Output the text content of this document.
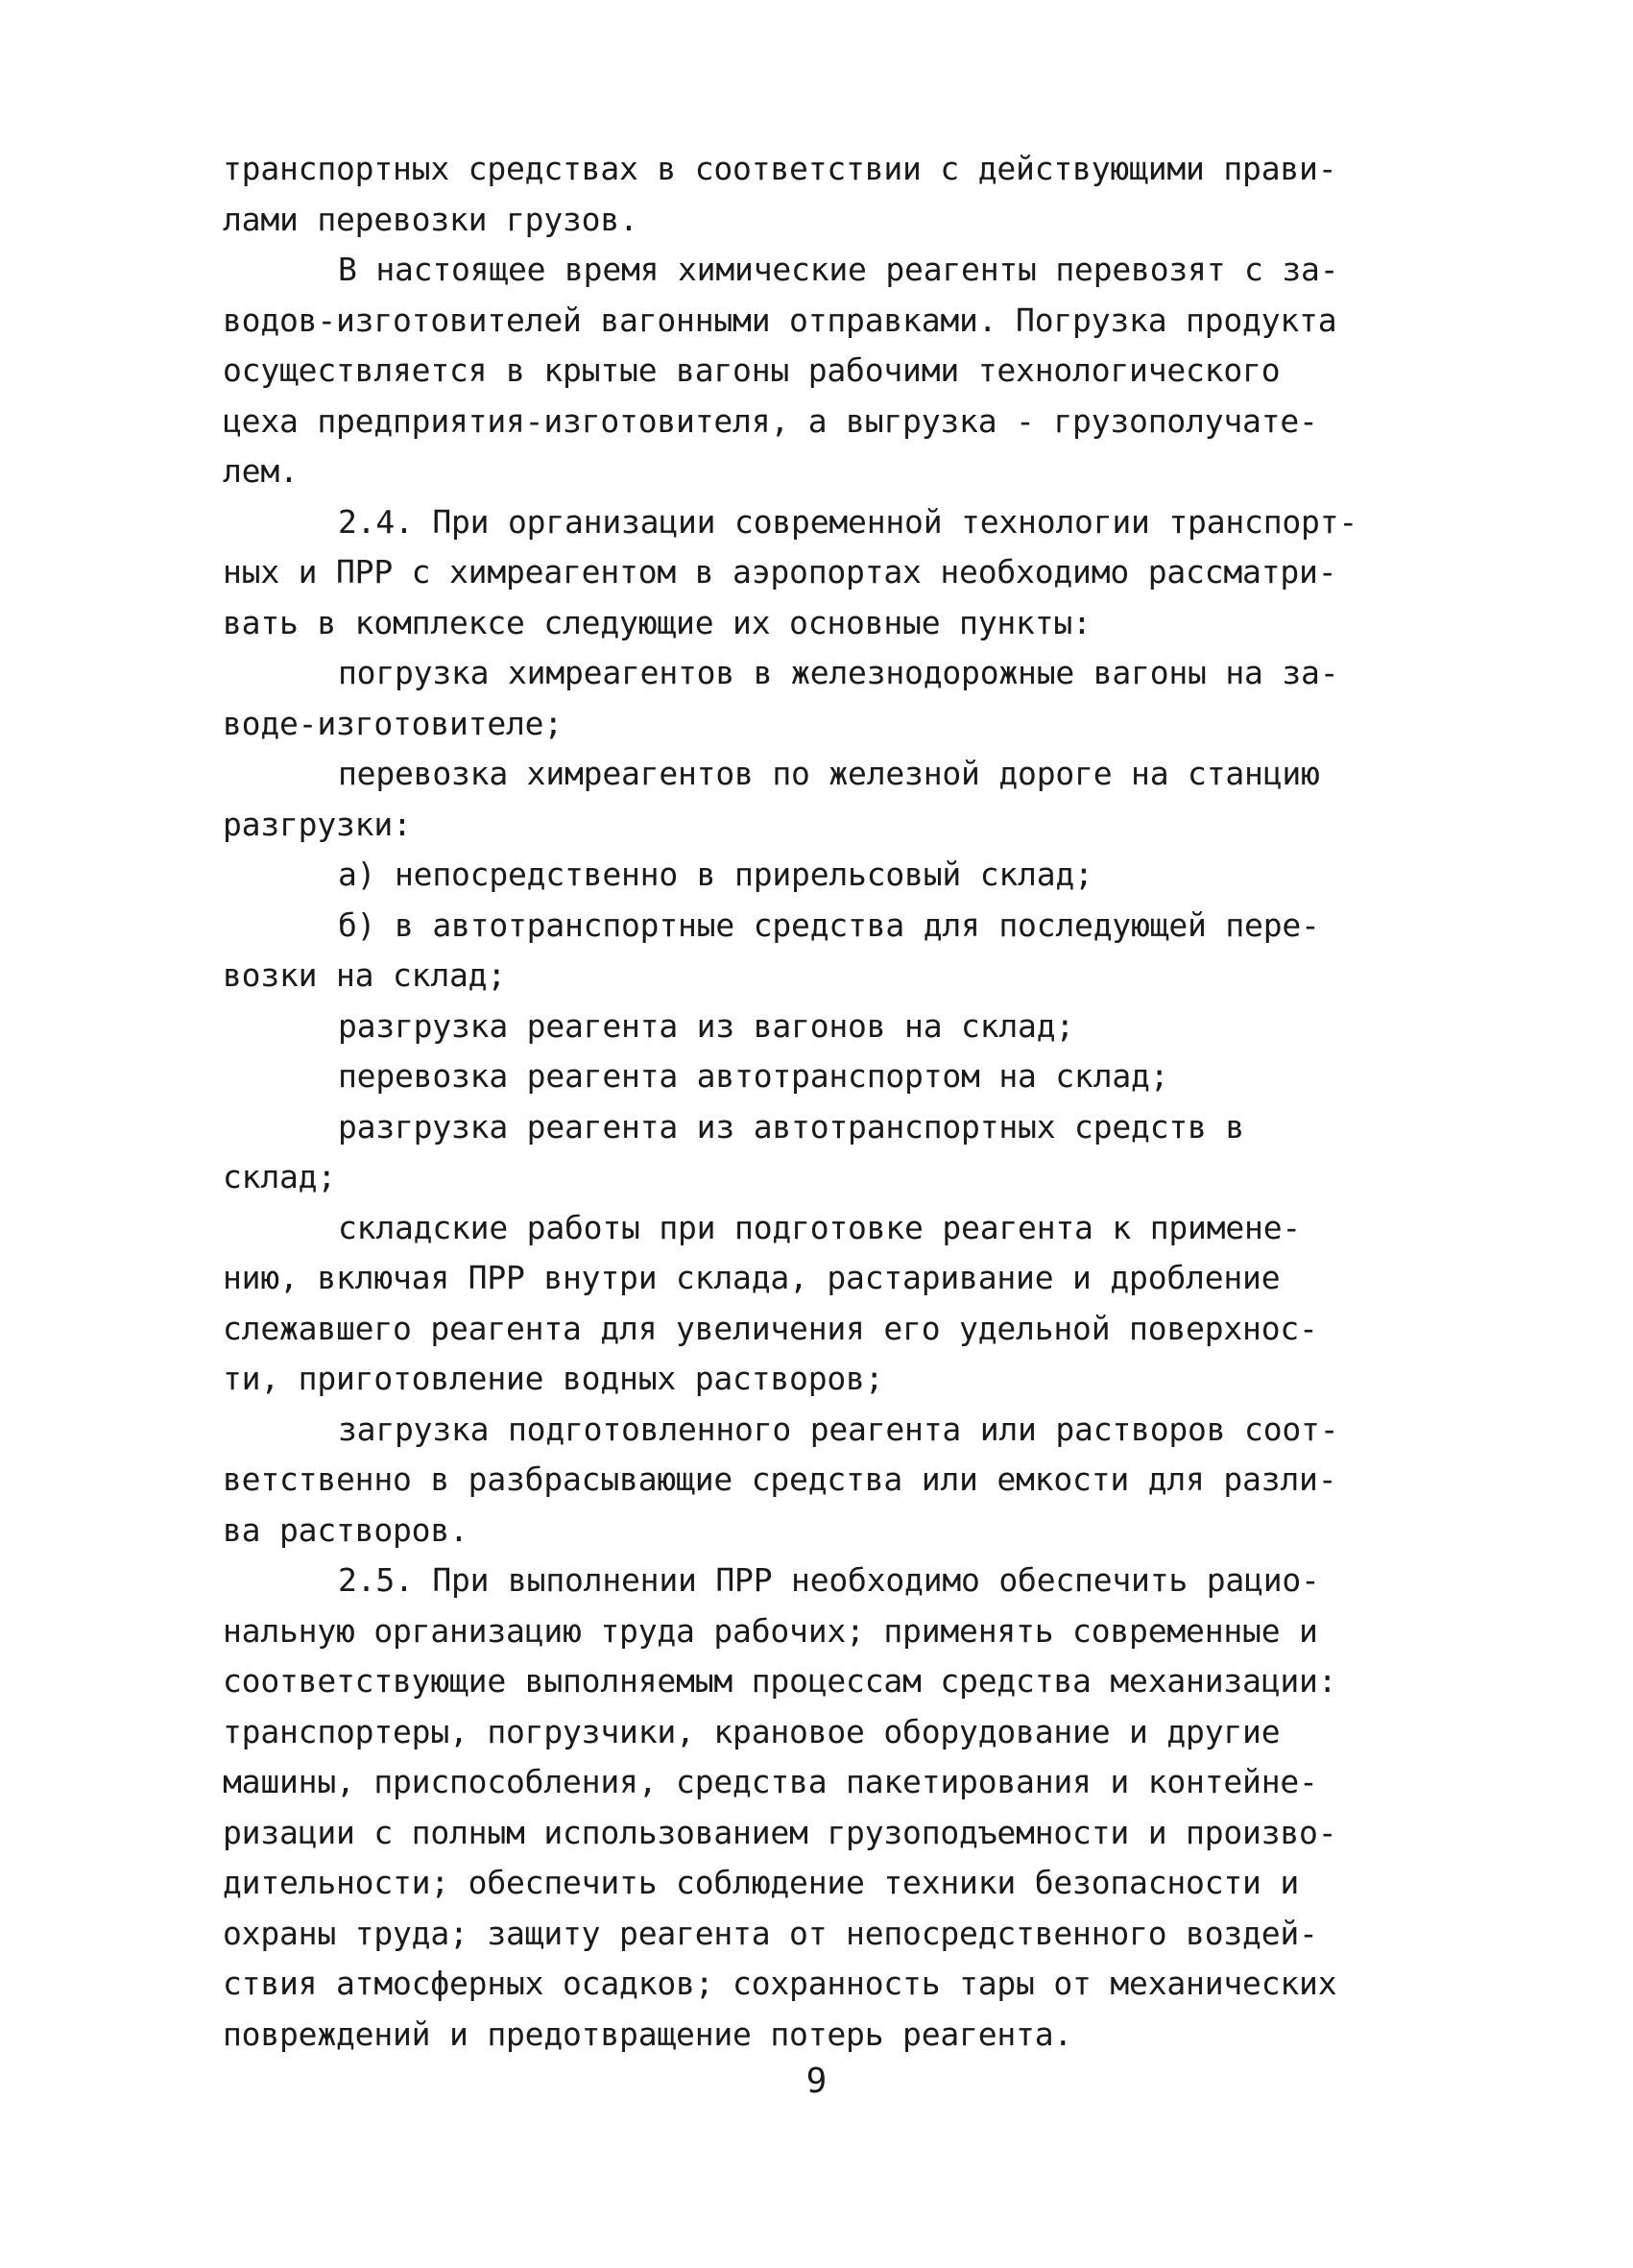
транспортных средствах в соответствии с действующими прави-
лами перевозки грузов.
В настоящее время химические реагенты перевозят с за-
водов-изготовителей вагонными отправками. Погрузка продукта
осуществляется в крытые вагоны рабочими технологического
цеха предприятия-изготовителя, а выгрузка - грузополучате-
лем.
2.4. При организации современной технологии транспорт-
ных и ПРР с химреагентом в аэропортах необходимо рассматри-
вать в комплексе следующие их основные пункты:
погрузка химреагентов в железнодорожные вагоны на за-
воде-изготовителе;
перевозка химреагентов по железной дороге на станцию
разгрузки:
а) непосредственно в прирельсовый склад;
б) в автотранспортные средства для последующей пере-
возки на склад;
разгрузка реагента из вагонов на склад;
перевозка реагента автотранспортом на склад;
разгрузка реагента из автотранспортных средств в
склад;
складские работы при подготовке реагента к применe-
нию, включая ПРР внутри склада, растаривание и дробление
слежавшего реагента для увеличения его удельной поверхнос-
ти, приготовление водных растворов;
загрузка подготовленного реагента или растворов соот-
ветственно в разбрасывающие средства или емкости для разли-
ва растворов.
2.5. При выполнении ПРР необходимо обеспечить рацио-
нальную организацию труда рабочих; применять современные и
соответствующие выполняемым процессам средства механизации:
транспортеры, погрузчики, крановое оборудование и другие
машины, приспособления, средства пакетирования и контейне-
ризации с полным использованием грузоподъемности и произво-
дительности; обеспечить соблюдение техники безопасности и
охраны труда; защиту реагента от непосредственного воздей-
ствия атмосферных осадков; сохранность тары от механических
повреждений и предотвращение потерь реагента.
9
